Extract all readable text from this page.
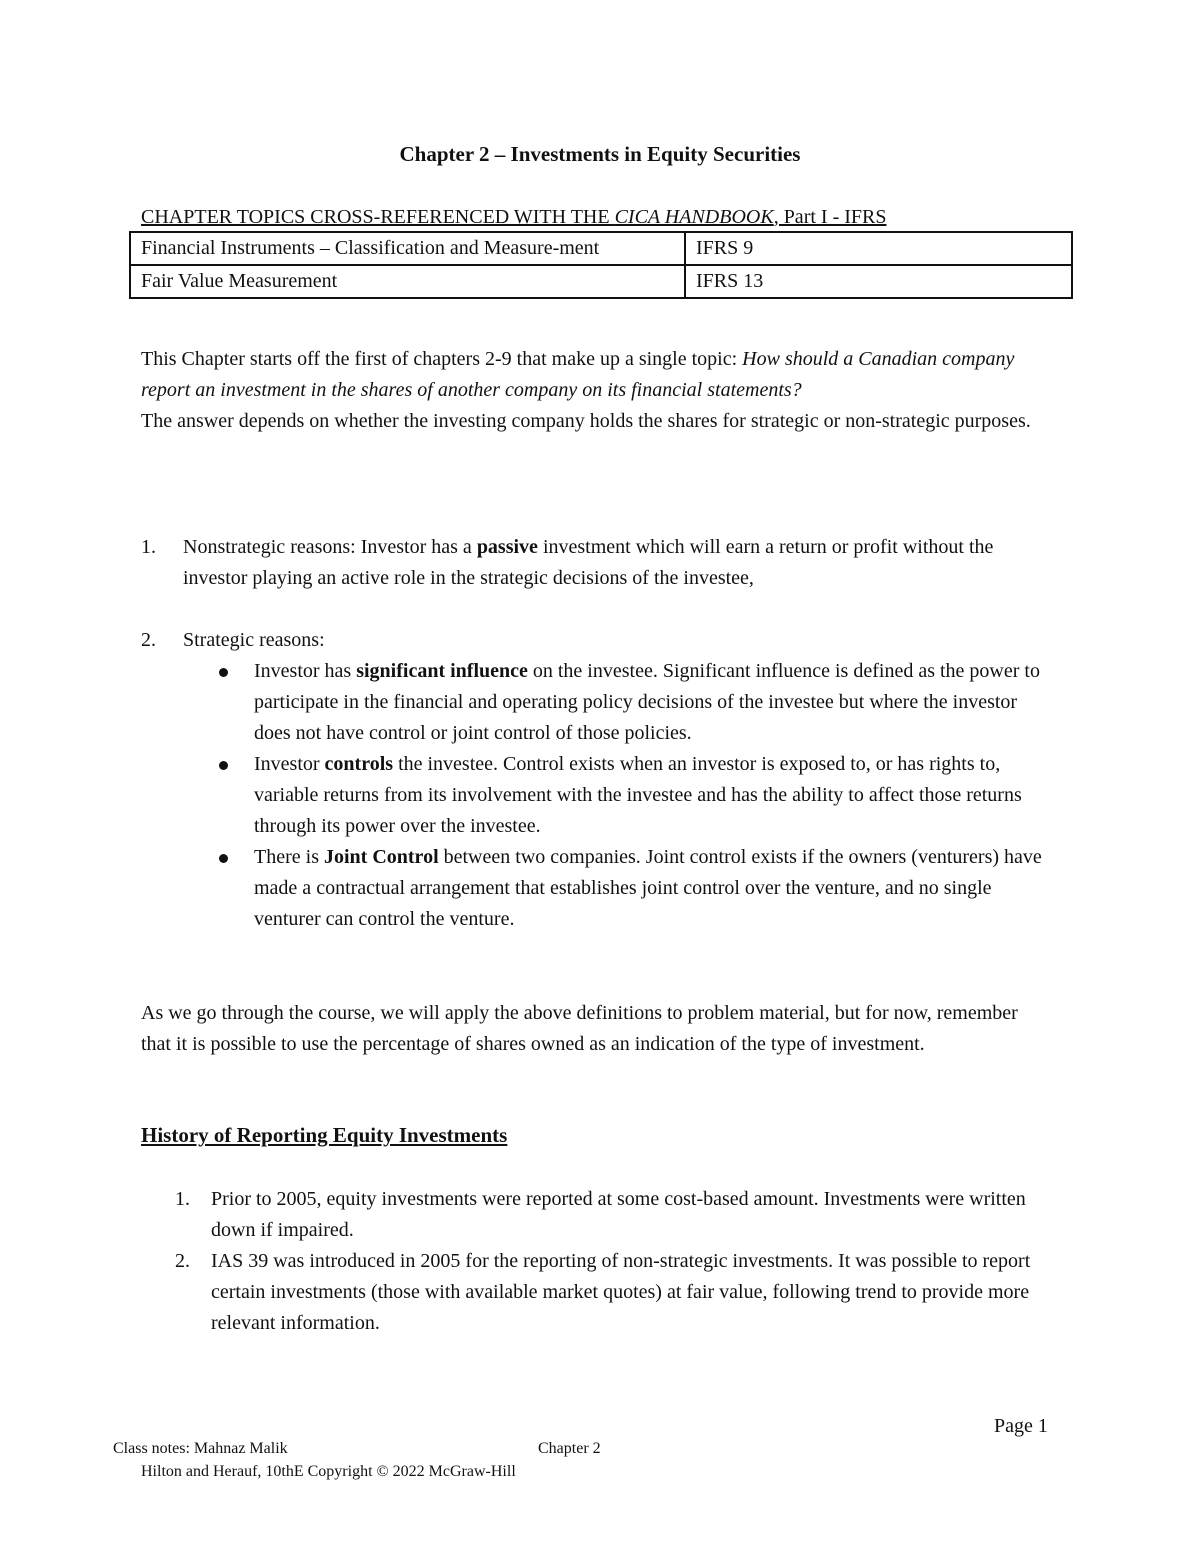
Chapter 2 – Investments in Equity Securities
CHAPTER TOPICS CROSS-REFERENCED WITH THE CICA HANDBOOK, Part I - IFRS
Financial Instruments – Classification and Measure-ment	IFRS 9
Fair Value Measurement	IFRS 13
This Chapter starts off the first of chapters 2-9 that make up a single topic: How should a Canadian company report an investment in the shares of another company on its financial statements?
The answer depends on whether the investing company holds the shares for strategic or non-strategic purposes.
1. Nonstrategic reasons: Investor has a passive investment which will earn a return or profit without the investor playing an active role in the strategic decisions of the investee,
2. Strategic reasons:
Investor has significant influence on the investee. Significant influence is defined as the power to participate in the financial and operating policy decisions of the investee but where the investor does not have control or joint control of those policies.
Investor controls the investee. Control exists when an investor is exposed to, or has rights to, variable returns from its involvement with the investee and has the ability to affect those returns through its power over the investee.
There is Joint Control between two companies. Joint control exists if the owners (venturers) have made a contractual arrangement that establishes joint control over the venture, and no single venturer can control the venture.
As we go through the course, we will apply the above definitions to problem material, but for now, remember that it is possible to use the percentage of shares owned as an indication of the type of investment.
History of Reporting Equity Investments
1. Prior to 2005, equity investments were reported at some cost-based amount. Investments were written down if impaired.
2. IAS 39 was introduced in 2005 for the reporting of non-strategic investments. It was possible to report certain investments (those with available market quotes) at fair value, following trend to provide more relevant information.
Page 1
Class notes: Mahnaz Malik	Chapter 2
Hilton and Herauf, 10thE Copyright © 2022 McGraw-Hill
